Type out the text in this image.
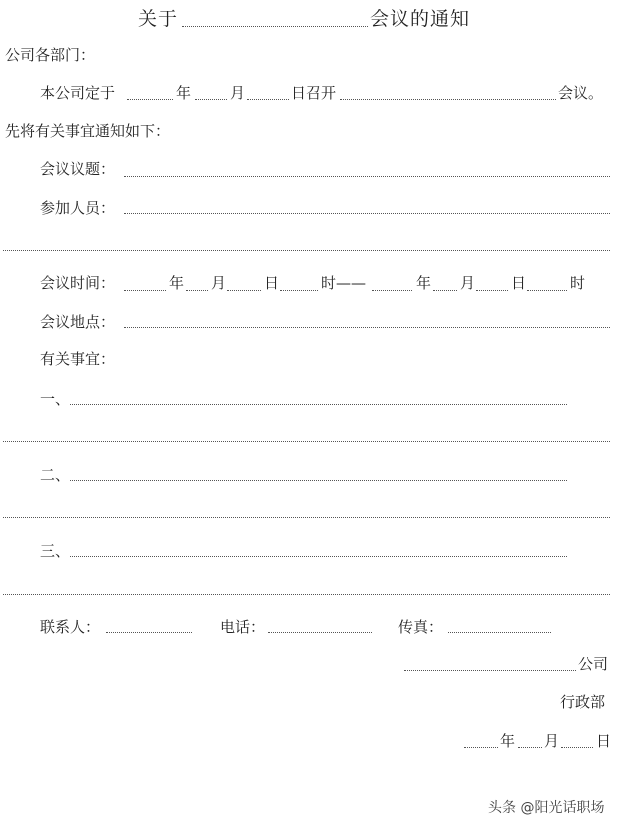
关于	会议的通知
公司各部门：
本公司定于	年	月	日召开	会议。
先将有关事宜通知如下：
会议议题：
参加人员：
会议时间：	年 月	日	时——	年 月 日	时
会议地点：
有关事宜：
一、
二、
三、
联系人：	电话：	传真：
公司
行政部
年 月 日
头条 @阳光话职场
